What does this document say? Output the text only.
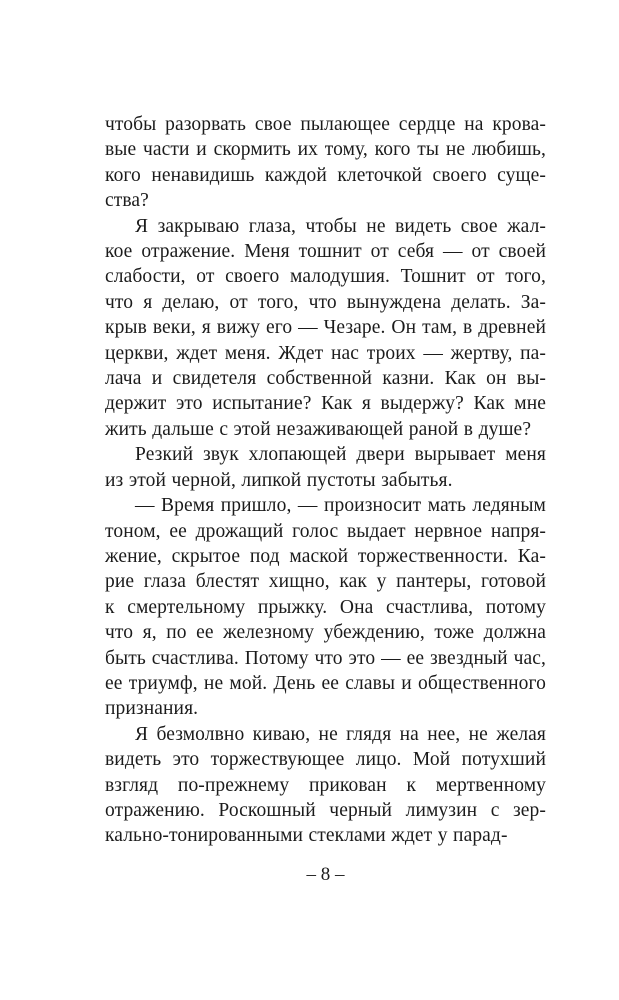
чтобы разорвать свое пылающее сердце на крова-
вые части и скормить их тому, кого ты не любишь,
кого ненавидишь каждой клеточкой своего суще-
ства?
Я закрываю глаза, чтобы не видеть свое жал-
кое отражение. Меня тошнит от себя — от своей
слабости, от своего малодушия. Тошнит от того,
что я делаю, от того, что вынуждена делать. За-
крыв веки, я вижу его — Чезаре. Он там, в древней
церкви, ждет меня. Ждет нас троих — жертву, па-
лача и свидетеля собственной казни. Как он вы-
держит это испытание? Как я выдержу? Как мне
жить дальше с этой незаживающей раной в душе?
Резкий звук хлопающей двери вырывает меня
из этой черной, липкой пустоты забытья.
— Время пришло, — произносит мать ледяным
тоном, ее дрожащий голос выдает нервное напря-
жение, скрытое под маской торжественности. Ка-
рие глаза блестят хищно, как у пантеры, готовой
к смертельному прыжку. Она счастлива, потому
что я, по ее железному убеждению, тоже должна
быть счастлива. Потому что это — ее звездный час,
ее триумф, не мой. День ее славы и общественного
признания.
Я безмолвно киваю, не глядя на нее, не желая
видеть это торжествующее лицо. Мой потухший
взгляд по-прежнему прикован к мертвенному
отражению. Роскошный черный лимузин с зер-
кально-тонированными стеклами ждет у парад-
– 8 –
